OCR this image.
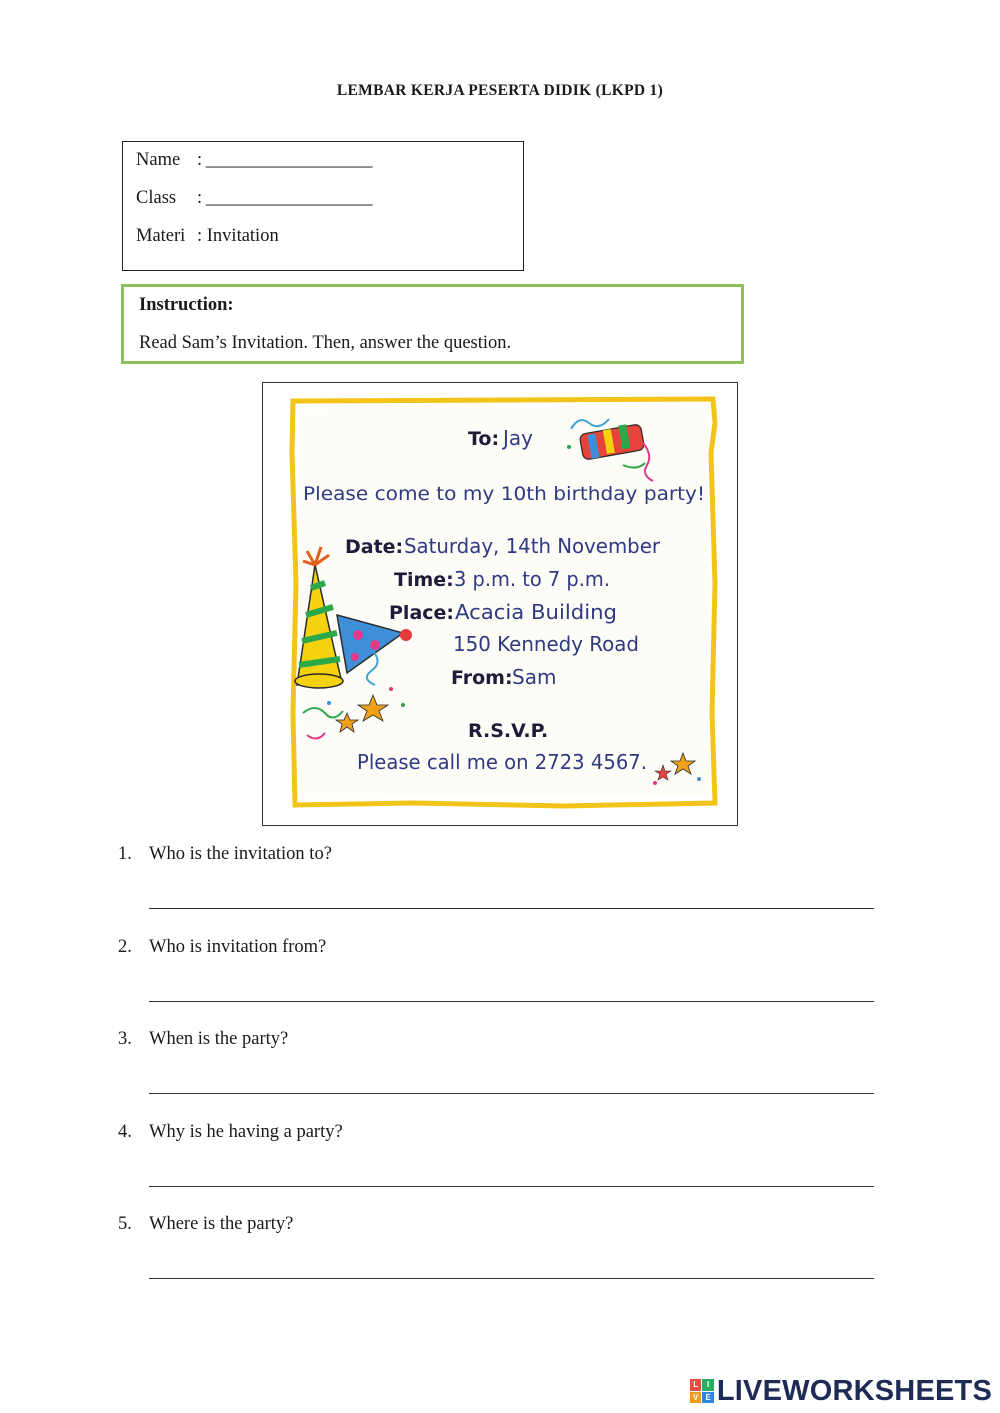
LEMBAR KERJA PESERTA DIDIK (LKPD 1)
Name : ___________________
Class : ___________________
Materi : Invitation
Instruction:
Read Sam’s Invitation. Then, answer the question.
To: Jay
Please come to my 10th birthday party!
Date: Saturday, 14th November
Time: 3 p.m. to 7 p.m.
Place: Acacia Building
150 Kennedy Road
From: Sam
R.S.V.P.
Please call me on 2723 4567.
1. Who is the invitation to?
2. Who is invitation from?
3. When is the party?
4. Why is he having a party?
5. Where is the party?
L	I
V E LIVEWORKSHEETS
